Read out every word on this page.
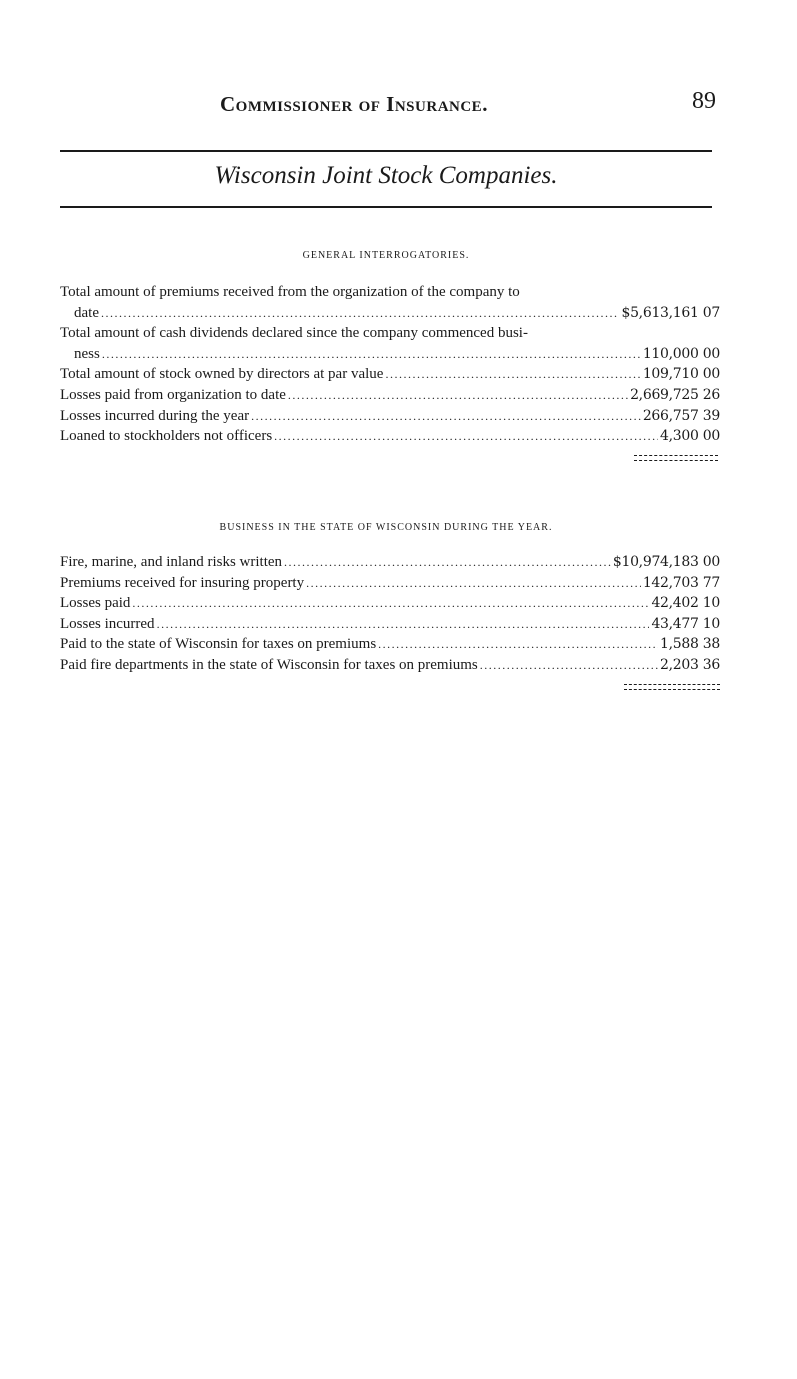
Commissioner of Insurance.	89
Wisconsin Joint Stock Companies.
GENERAL INTERROGATORIES.
Total amount of premiums received from the organization of the company to
date .....	$5,613,161 07
Total amount of cash dividends declared since the company commenced busi-
ness .....	110,000 00
Total amount of stock owned by directors at par value .....	109,710 00
Losses paid from organization to date .....	2,669,725 26
Losses incurred during the year .....	266,757 39
Loaned to stockholders not officers .....	4,300 00
BUSINESS IN THE STATE OF WISCONSIN DURING THE YEAR.
Fire, marine, and inland risks written .....	$10,974,183 00
Premiums received for insuring property .....	142,703 77
Losses paid .....	42,402 10
Losses incurred .....	43,477 10
Paid to the state of Wisconsin for taxes on premiums .....	1,588 38
Paid fire departments in the state of Wisconsin for taxes on premiums .....	2,203 36
